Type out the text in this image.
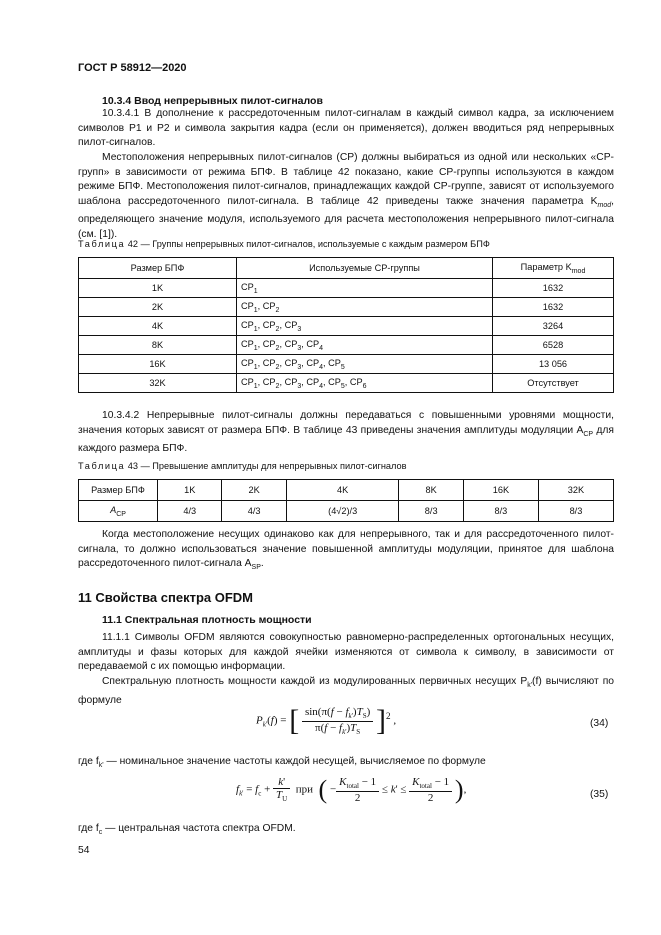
ГОСТ Р 58912—2020
10.3.4 Ввод непрерывных пилот-сигналов

10.3.4.1 В дополнение к рассредоточенным пилот-сигналам в каждый символ кадра, за исключением символов P1 и P2 и символа закрытия кадра (если он применяется), должен вводиться ряд непрерывных пилот-сигналов.

Местоположения непрерывных пилот-сигналов (CP) должны выбираться из одной или нескольких «CP-групп» в зависимости от режима БПФ. В таблице 42 показано, какие CP-группы используются в каждом режиме БПФ. Местоположения пилот-сигналов, принадлежащих каждой CP-группе, зависят от используемого шаблона рассредоточенного пилот-сигнала. В таблице 42 приведены также значения параметра $K_{mod}$, определяющего значение модуля, используемого для расчета местоположения непрерывного пилот-сигнала (см. [1]).

Таблица 42 — Группы непрерывных пилот-сигналов, используемые с каждым размером БПФ
Размер БПФ	Используемые CP-группы	Параметр $K_{mod}$
1K	$CP_1$	1632
2K	$CP_1$, $CP_2$	1632
4K	$CP_1$, $CP_2$, $CP_3$	3264
8K	$CP_1$, $CP_2$, $CP_3$, $CP_4$	6528
16K	$CP_1$, $CP_2$, $CP_3$, $CP_4$, $CP_5$	13 056
32K	$CP_1$, $CP_2$, $CP_3$, $CP_4$, $CP_5$, $CP_6$	Отсутствует

10.3.4.2 Непрерывные пилот-сигналы должны передаваться с повышенными уровнями мощности, значения которых зависят от размера БПФ. В таблице 43 приведены значения амплитуды модуляции $A_{CP}$ для каждого размера БПФ.

Таблица 43 — Превышение амплитуды для непрерывных пилот-сигналов
Размер БПФ	1K	2K	4K	8K	16K	32K
$A_{CP}$	4/3	4/3	(4√2)/3	8/3	8/3	8/3

Когда местоположение несущих одинаково как для непрерывного, так и для рассредоточенного пилот-сигнала, то должно использоваться значение повышенной амплитуды модуляции, принятое для шаблона рассредоточенного пилот-сигнала $A_{SP}$.

11 Свойства спектра OFDM
11.1 Спектральная плотность мощности

11.1.1 Символы OFDM являются совокупностью равномерно-распределенных ортогональных несущих, амплитуды и фазы которых для каждой ячейки изменяются от символа к символу, в зависимости от передаваемой с их помощью информации.

Спектральную плотность мощности каждой из модулированных первичных несущих $P_{k'}(f)$ вычисляют по формуле

$P_{k'}(f)$ = [ $\frac{\sin(\pi(f - f_{k'})T_S)}{\pi(f - f_{k'})T_S} ]^2$ ,	(34)

где $f_{k'}$ — номинальное значение частоты каждой несущей, вычисляемое по формуле

$f_{k'} = f_c + \frac{k'}{T_U}$ при ( − $\frac{K_{total} - 1}{2} \le k' \le \frac{K_{total} - 1}{2}$ ),	(35)

где $f_c$ — центральная частота спектра OFDM.

54
